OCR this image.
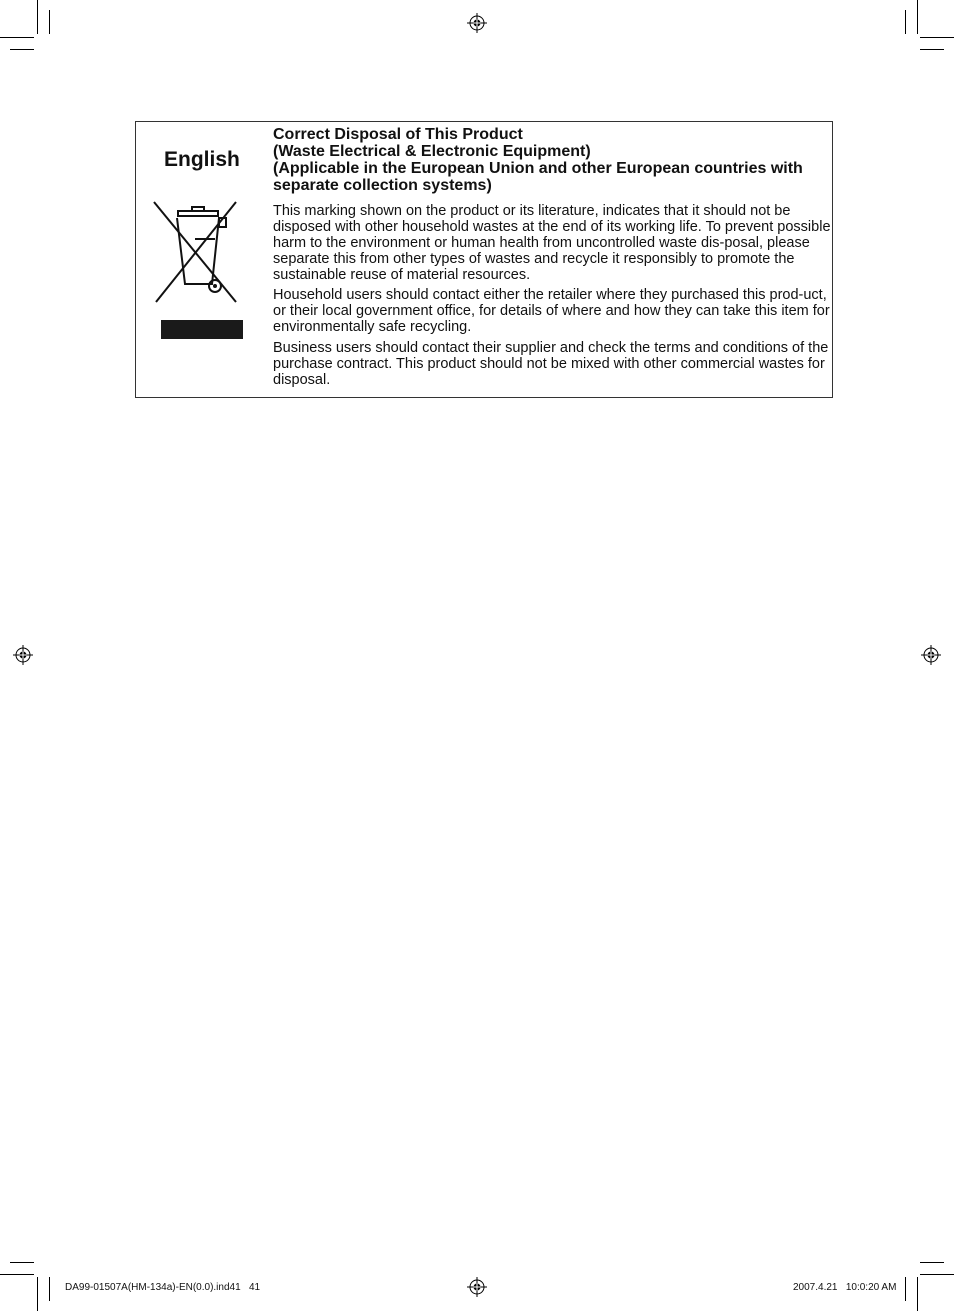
English
Correct Disposal of This Product
(Waste Electrical & Electronic Equipment)
(Applicable in the European Union and other European countries with
separate collection systems)

This marking shown on the product or its literature, indicates that it should not be disposed with other household wastes at the end of its working life. To prevent possible harm to the environment or human health from uncontrolled waste dis-posal, please separate this from other types of wastes and recycle it responsibly to promote the sustainable reuse of material resources.

Household users should contact either the retailer where they purchased this prod-uct, or their local government office, for details of where and how they can take this item for environmentally safe recycling.

Business users should contact their supplier and check the terms and conditions of the purchase contract. This product should not be mixed with other commercial wastes for disposal.

DA99-01507A(HM-134a)-EN(0.0).ind41   41	2007.4.21   10:0:20 AM
